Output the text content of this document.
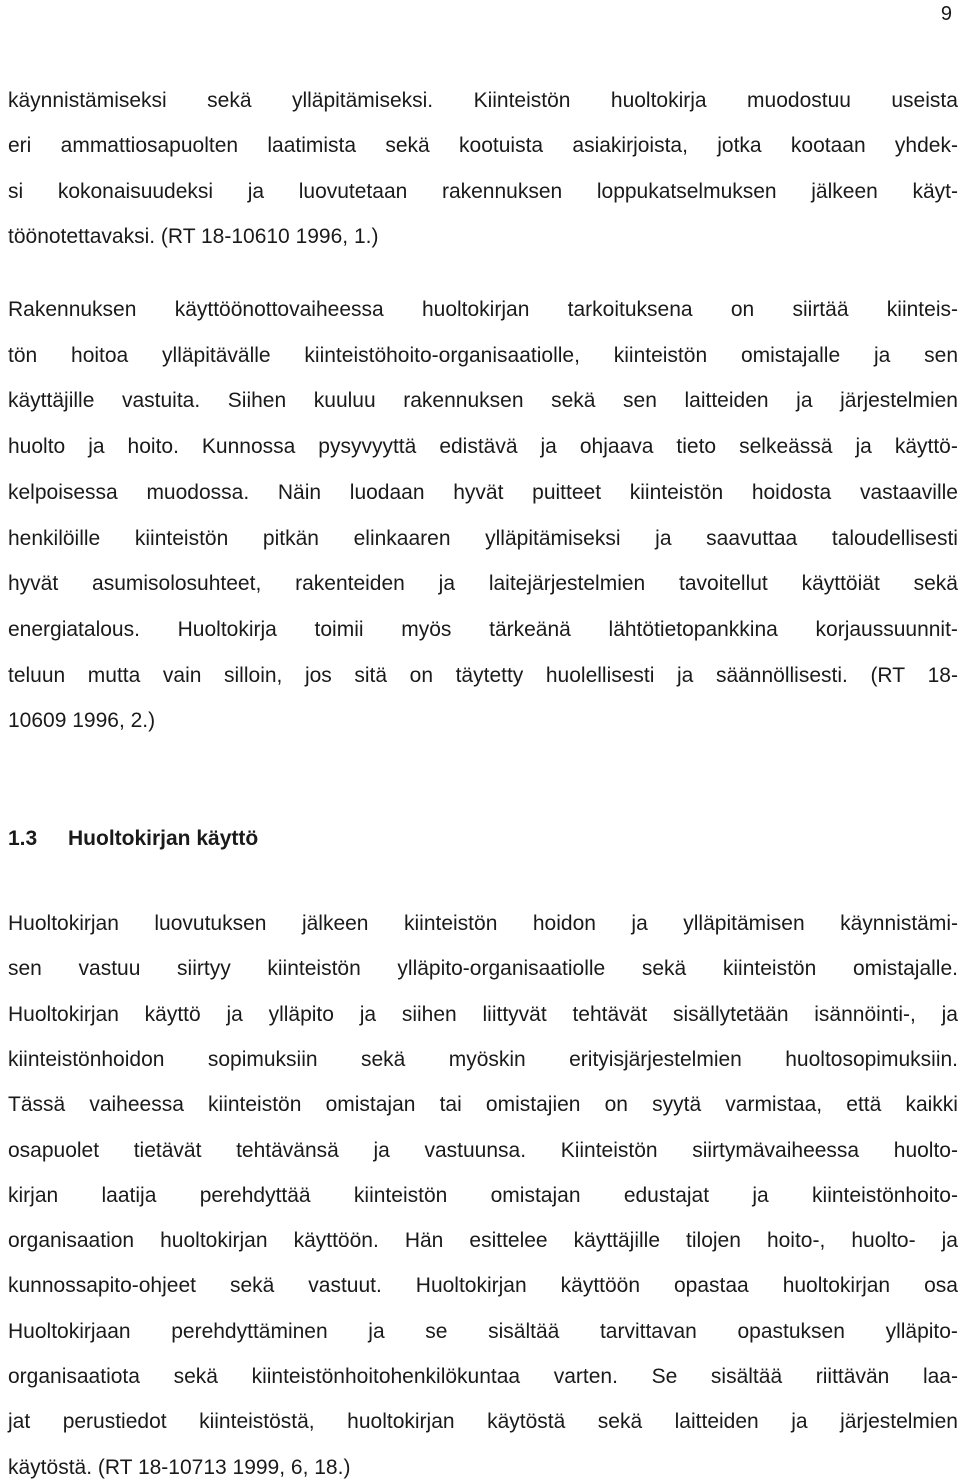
9
käynnistämiseksi sekä ylläpitämiseksi. Kiinteistön huoltokirja muodostuu useista
eri ammattiosapuolten laatimista sekä kootuista asiakirjoista, jotka kootaan yhdek-
si kokonaisuudeksi ja luovutetaan rakennuksen loppukatselmuksen jälkeen käyt-
töönotettavaksi. (RT 18-10610 1996, 1.)
Rakennuksen käyttöönottovaiheessa huoltokirjan tarkoituksena on siirtää kiinteis-
tön hoitoa ylläpitävälle kiinteistöhoito-organisaatiolle, kiinteistön omistajalle ja sen
käyttäjille vastuita. Siihen kuuluu rakennuksen sekä sen laitteiden ja järjestelmien
huolto ja hoito. Kunnossa pysyvyyttä edistävä ja ohjaava tieto selkeässä ja käyttö-
kelpoisessa muodossa. Näin luodaan hyvät puitteet kiinteistön hoidosta vastaaville
henkilöille kiinteistön pitkän elinkaaren ylläpitämiseksi ja saavuttaa taloudellisesti
hyvät asumisolosuhteet, rakenteiden ja laitejärjestelmien tavoitellut käyttöiät sekä
energiatalous. Huoltokirja toimii myös tärkeänä lähtötietopankkina korjaussuunnit-
teluun mutta vain silloin, jos sitä on täytetty huolellisesti ja säännöllisesti. (RT 18-
10609 1996, 2.)
1.3 Huoltokirjan käyttö
Huoltokirjan luovutuksen jälkeen kiinteistön hoidon ja ylläpitämisen käynnistämi-
sen vastuu siirtyy kiinteistön ylläpito-organisaatiolle sekä kiinteistön omistajalle.
Huoltokirjan käyttö ja ylläpito ja siihen liittyvät tehtävät sisällytetään isännöinti-, ja
kiinteistönhoidon sopimuksiin sekä myöskin erityisjärjestelmien huoltosopimuksiin.
Tässä vaiheessa kiinteistön omistajan tai omistajien on syytä varmistaa, että kaikki
osapuolet tietävät tehtävänsä ja vastuunsa. Kiinteistön siirtymävaiheessa huolto-
kirjan laatija perehdyttää kiinteistön omistajan edustajat ja kiinteistönhoito-
organisaation huoltokirjan käyttöön. Hän esittelee käyttäjille tilojen hoito-, huolto- ja
kunnossapito-ohjeet sekä vastuut. Huoltokirjan käyttöön opastaa huoltokirjan osa
Huoltokirjaan perehdyttäminen ja se sisältää tarvittavan opastuksen ylläpito-
organisaatiota sekä kiinteistönhoitohenkilökuntaa varten. Se sisältää riittävän laa-
jat perustiedot kiinteistöstä, huoltokirjan käytöstä sekä laitteiden ja järjestelmien
käytöstä. (RT 18-10713 1999, 6, 18.)
